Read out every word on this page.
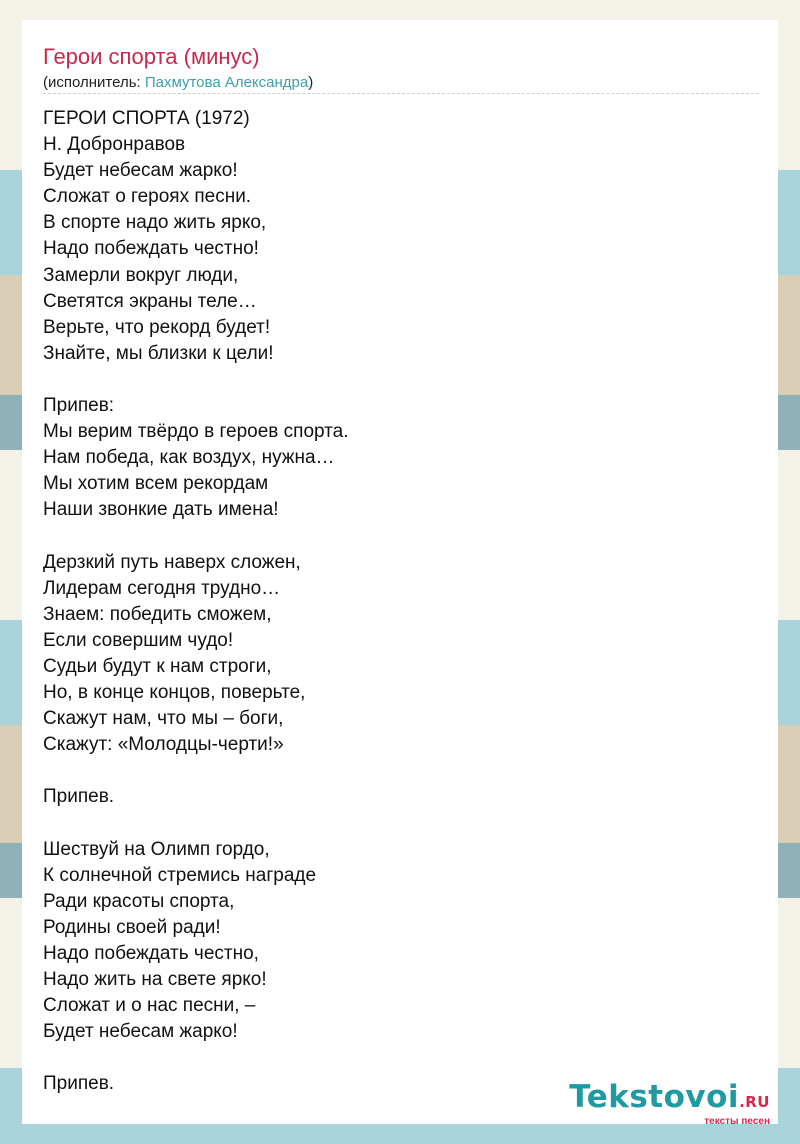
Герои спорта (минус)
(исполнитель: Пахмутова Александра)
ГЕРОИ СПОРТА (1972)
Н. Добронравов
Будет небесам жарко!
Сложат о героях песни.
В спорте надо жить ярко,
Надо побеждать честно!
Замерли вокруг люди,
Светятся экраны теле…
Верьте, что рекорд будет!
Знайте, мы близки к цели!
Припев:
Мы верим твёрдо в героев спорта.
Нам победа, как воздух, нужна…
Мы хотим всем рекордам
Наши звонкие дать имена!
Дерзкий путь наверх сложен,
Лидерам сегодня трудно…
Знаем: победить сможем,
Если совершим чудо!
Судьи будут к нам строги,
Но, в конце концов, поверьте,
Скажут нам, что мы – боги,
Скажут: «Молодцы-черти!»
Припев.
Шествуй на Олимп гордо,
К солнечной стремись награде
Ради красоты спорта,
Родины своей ради!
Надо побеждать честно,
Надо жить на свете ярко!
Сложат и о нас песни, –
Будет небесам жарко!
Припев.	Tekstovoi.RU
тексты песен
